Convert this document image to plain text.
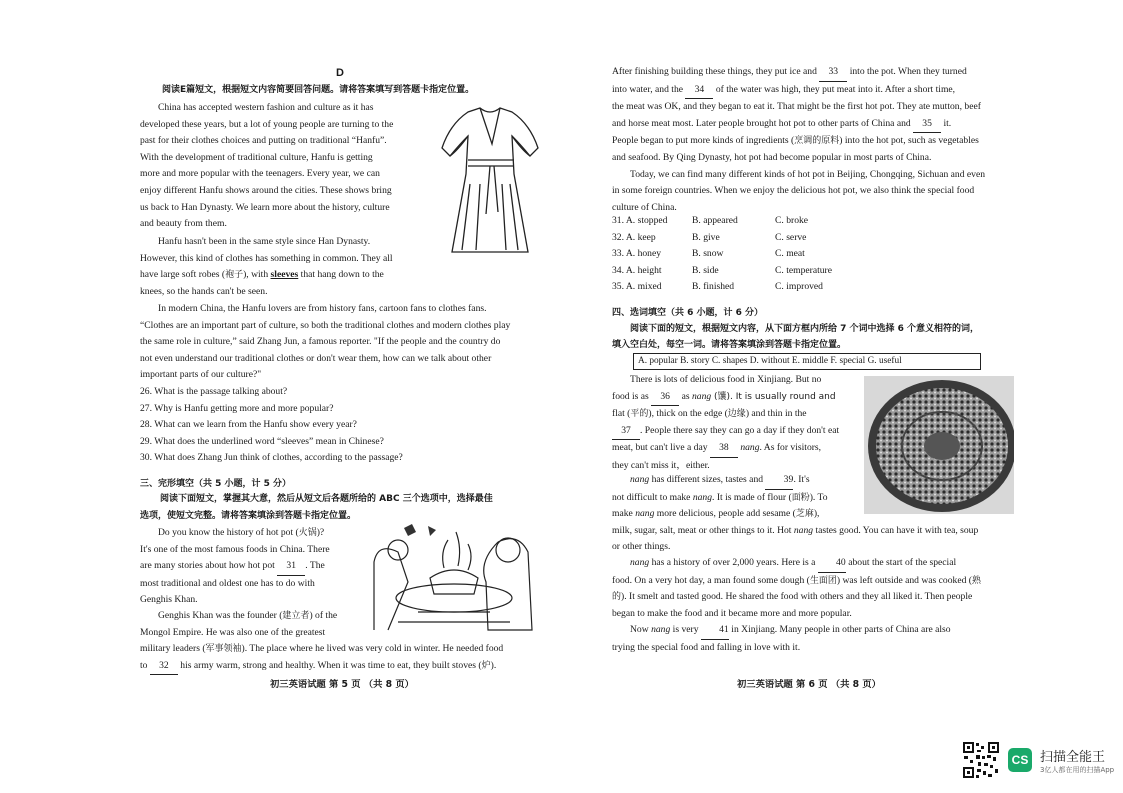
D

阅读E篇短文，根据短文内容简要回答问题。请将答案填写到答题卡指定位置。

China has accepted western fashion and culture as it has

developed these years, but a lot of young people are turning to the

past for their clothes choices and putting on traditional “Hanfu”.

With the development of traditional culture, Hanfu is getting

more and more popular with the teenagers. Every year, we can

enjoy different Hanfu shows around the cities. These shows bring

us back to Han Dynasty. We learn more about the history, culture

and beauty from them.

Hanfu hasn't been in the same style since Han Dynasty.

However, this kind of clothes has something in common. They all

have large soft robes (袍子), with sleeves that hang down to the

knees, so the hands can't be seen.

In modern China, the Hanfu lovers are from history fans, cartoon fans to clothes fans.

“Clothes are an important part of culture, so both the traditional clothes and modern clothes play

the same role in culture,” said Zhang Jun, a famous reporter. "If the people and the country do

not even understand our traditional clothes or don't wear them, how can we talk about other

important parts of our culture?"

26. What is the passage talking about?

27. Why is Hanfu getting more and more popular?

28. What can we learn from the Hanfu show every year?

29. What does the underlined word “sleeves” mean in Chinese?

30. What does Zhang Jun think of clothes, according to the passage?

三、完形填空（共 5 小题，计 5 分）

阅读下面短文，掌握其大意，然后从短文后各题所给的 ABC 三个选项中，选择最佳

选项，使短文完整。请将答案填涂到答题卡指定位置。

Do you know the history of hot pot (火锅)?

It's one of the most famous foods in China. There

are many stories about how hot pot 31 . The

most traditional and oldest one has to do with

Genghis Khan.

Genghis Khan was the founder (建立者) of the

Mongol Empire. He was also one of the greatest

military leaders (军事领袖). The place where he lived was very cold in winter. He needed food

to 32 his army warm, strong and healthy. When it was time to eat, they built stoves (炉).

初三英语试题 第 5 页 （共 8 页）

After finishing building these things, they put ice and 33 into the pot. When they turned

into water, and the 34 of the water was high, they put meat into it. After a short time,

the meat was OK, and they began to eat it. That might be the first hot pot. They ate mutton, beef

and horse meat most. Later people brought hot pot to other parts of China and 35 it.

People began to put more kinds of ingredients (烹调的原料) into the hot pot, such as vegetables

and seafood. By Qing Dynasty, hot pot had become popular in most parts of China.

Today, we can find many different kinds of hot pot in Beijing, Chongqing, Sichuan and even

in some foreign countries. When we enjoy the delicious hot pot, we also think the special food

culture of China.

31. A. stopped	B. appeared	C. broke
32. A. keep	B. give	C. serve
33. A. honey	B. snow	C. meat
34. A. height	B. side	C. temperature
35. A. mixed	B. finished	C. improved

四、选词填空（共 6 小题，计 6 分）

阅读下面的短文，根据短文内容，从下面方框内所给 7 个词中选择 6 个意义相符的词，

填入空白处，每空一词。请将答案填涂到答题卡指定位置。

A. popular B. story C. shapes D. without E. middle F. special G. useful

There is lots of delicious food in Xinjiang. But no

food is as 36 as nang (馕). It is usually round and

flat (平的), thick on the edge (边缘) and thin in the

37 . People there say they can go a day if they don't eat

meat, but can't live a day 38 nang. As for visitors,

they can't miss it，either.

nang has different sizes, tastes and 39. It's

not difficult to make nang. It is made of flour (面粉). To

make nang more delicious, people add sesame (芝麻),

milk, sugar, salt, meat or other things to it. Hot nang tastes good. You can have it with tea, soup

or other things.

nang has a history of over 2,000 years. Here is a 40 about the start of the special

food. On a very hot day, a man found some dough (生面团) was left outside and was cooked (熟

的). It smelt and tasted good. He shared the food with others and they all liked it. Then people

began to make the food and it became more and more popular.

Now nang is very 41 in Xinjiang. Many people in other parts of China are also

trying the special food and falling in love with it.

初三英语试题 第 6 页 （共 8 页）
CS 扫描全能王
3亿人都在用的扫描App
